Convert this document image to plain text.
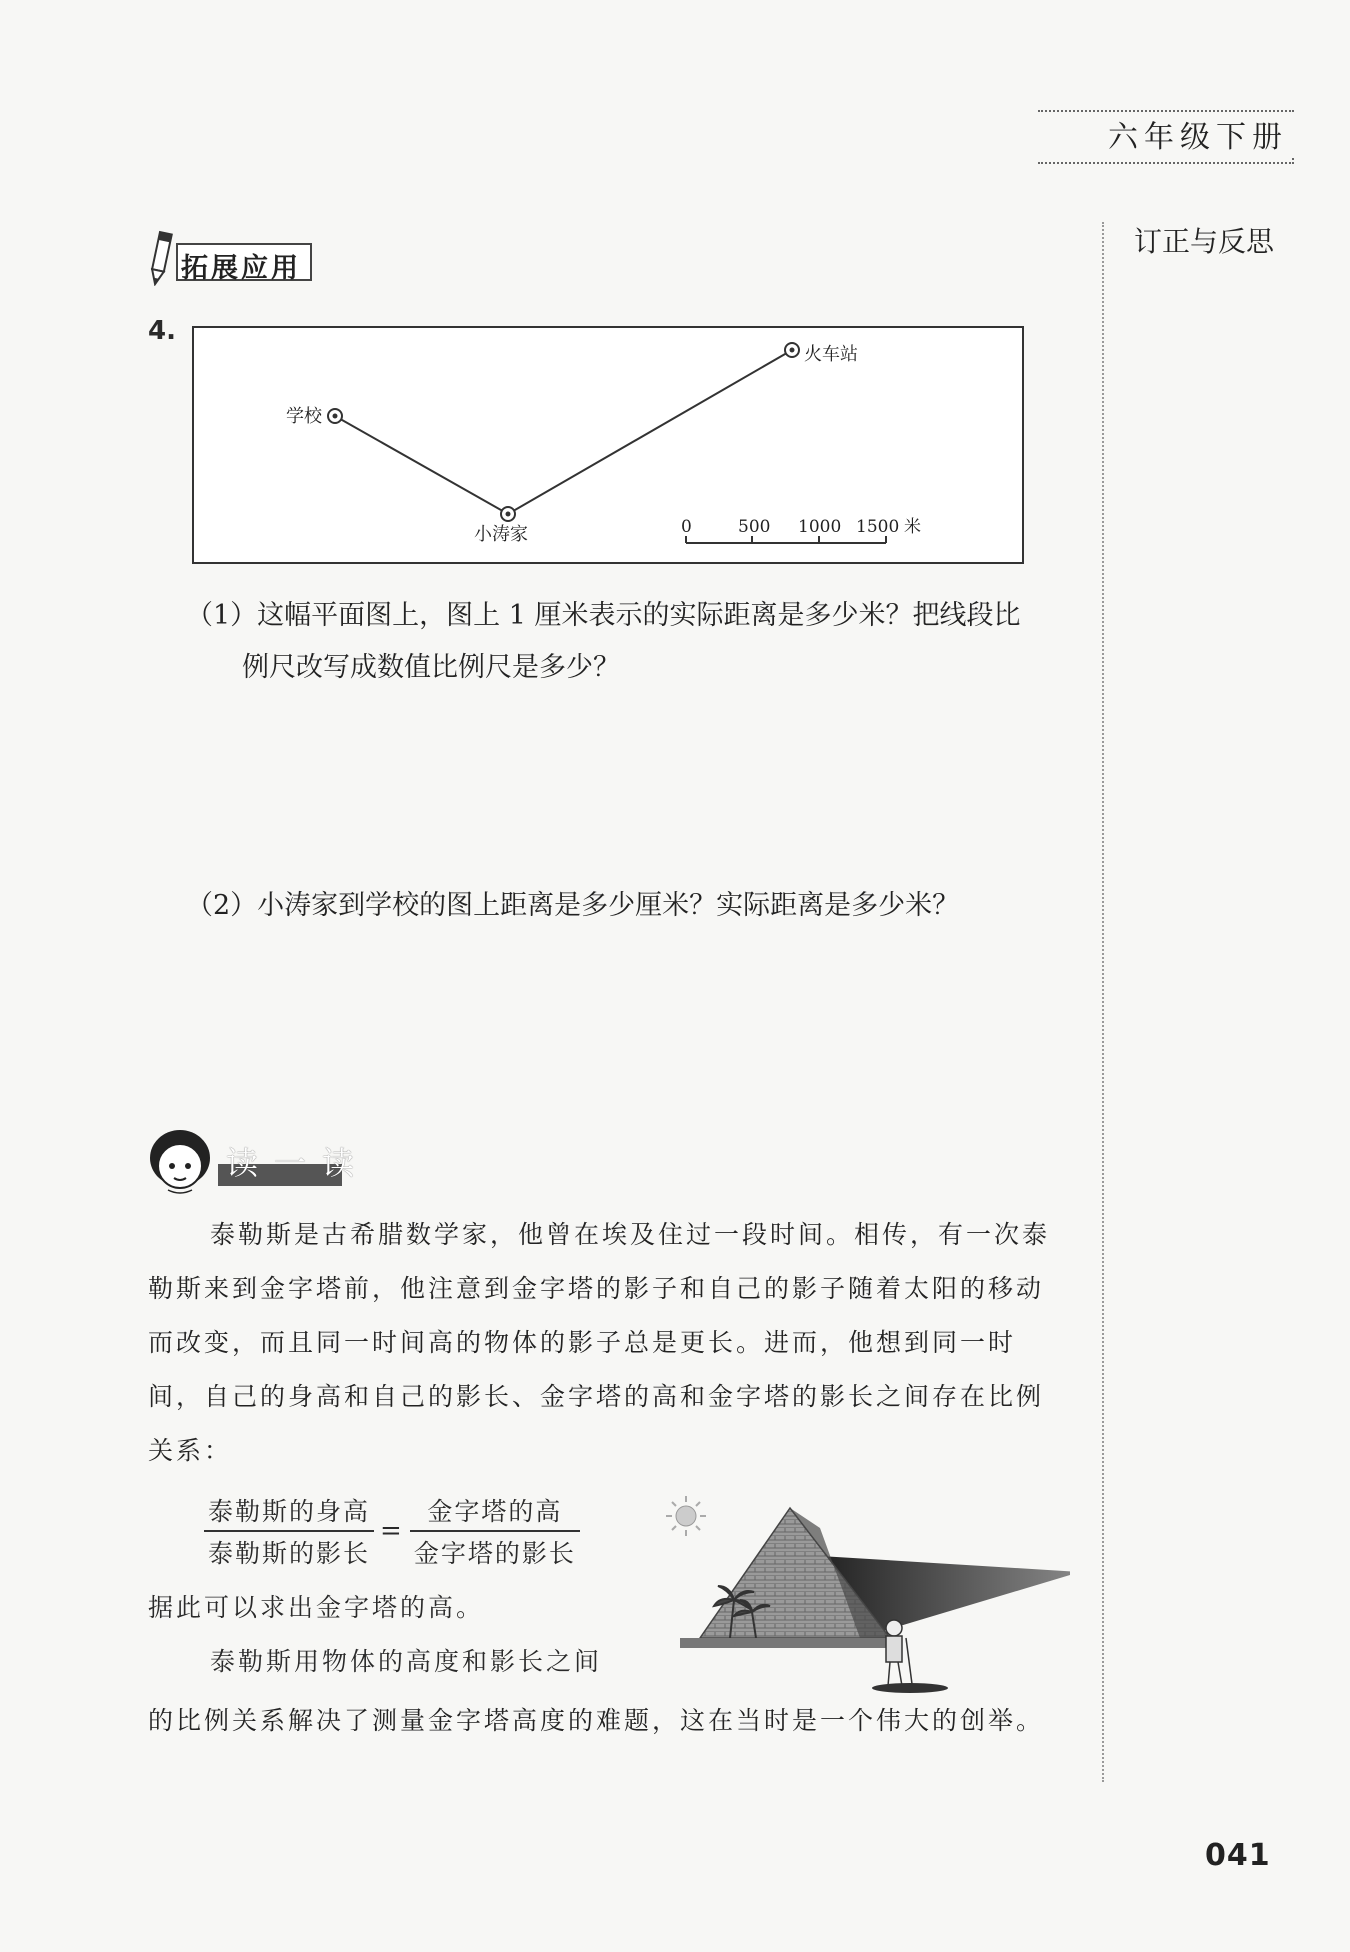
六年级下册
订正与反思
拓展应用
4.
学校
小涛家
火车站
0	500 1000 1500 米
（1）这幅平面图上，图上 1 厘米表示的实际距离是多少米？把线段比
例尺改写成数值比例尺是多少？
（2）小涛家到学校的图上距离是多少厘米？实际距离是多少米？
读一读
泰勒斯是古希腊数学家，他曾在埃及住过一段时间。相传，有一次泰勒斯来到金字塔前，他注意到金字塔的影子和自己的影子随着太阳的移动而改变，而且同一时间高的物体的影子总是更长。进而，他想到同一时间，自己的身高和自己的影长、金字塔的高和金字塔的影长之间存在比例关系：
$\frac{\text{泰勒斯的身高}}{\text{泰勒斯的影长}} = \frac{\text{金字塔的高}}{\text{金字塔的影长}}$
据此可以求出金字塔的高。
泰勒斯用物体的高度和影长之间
的比例关系解决了测量金字塔高度的难题，这在当时是一个伟大的创举。
041
